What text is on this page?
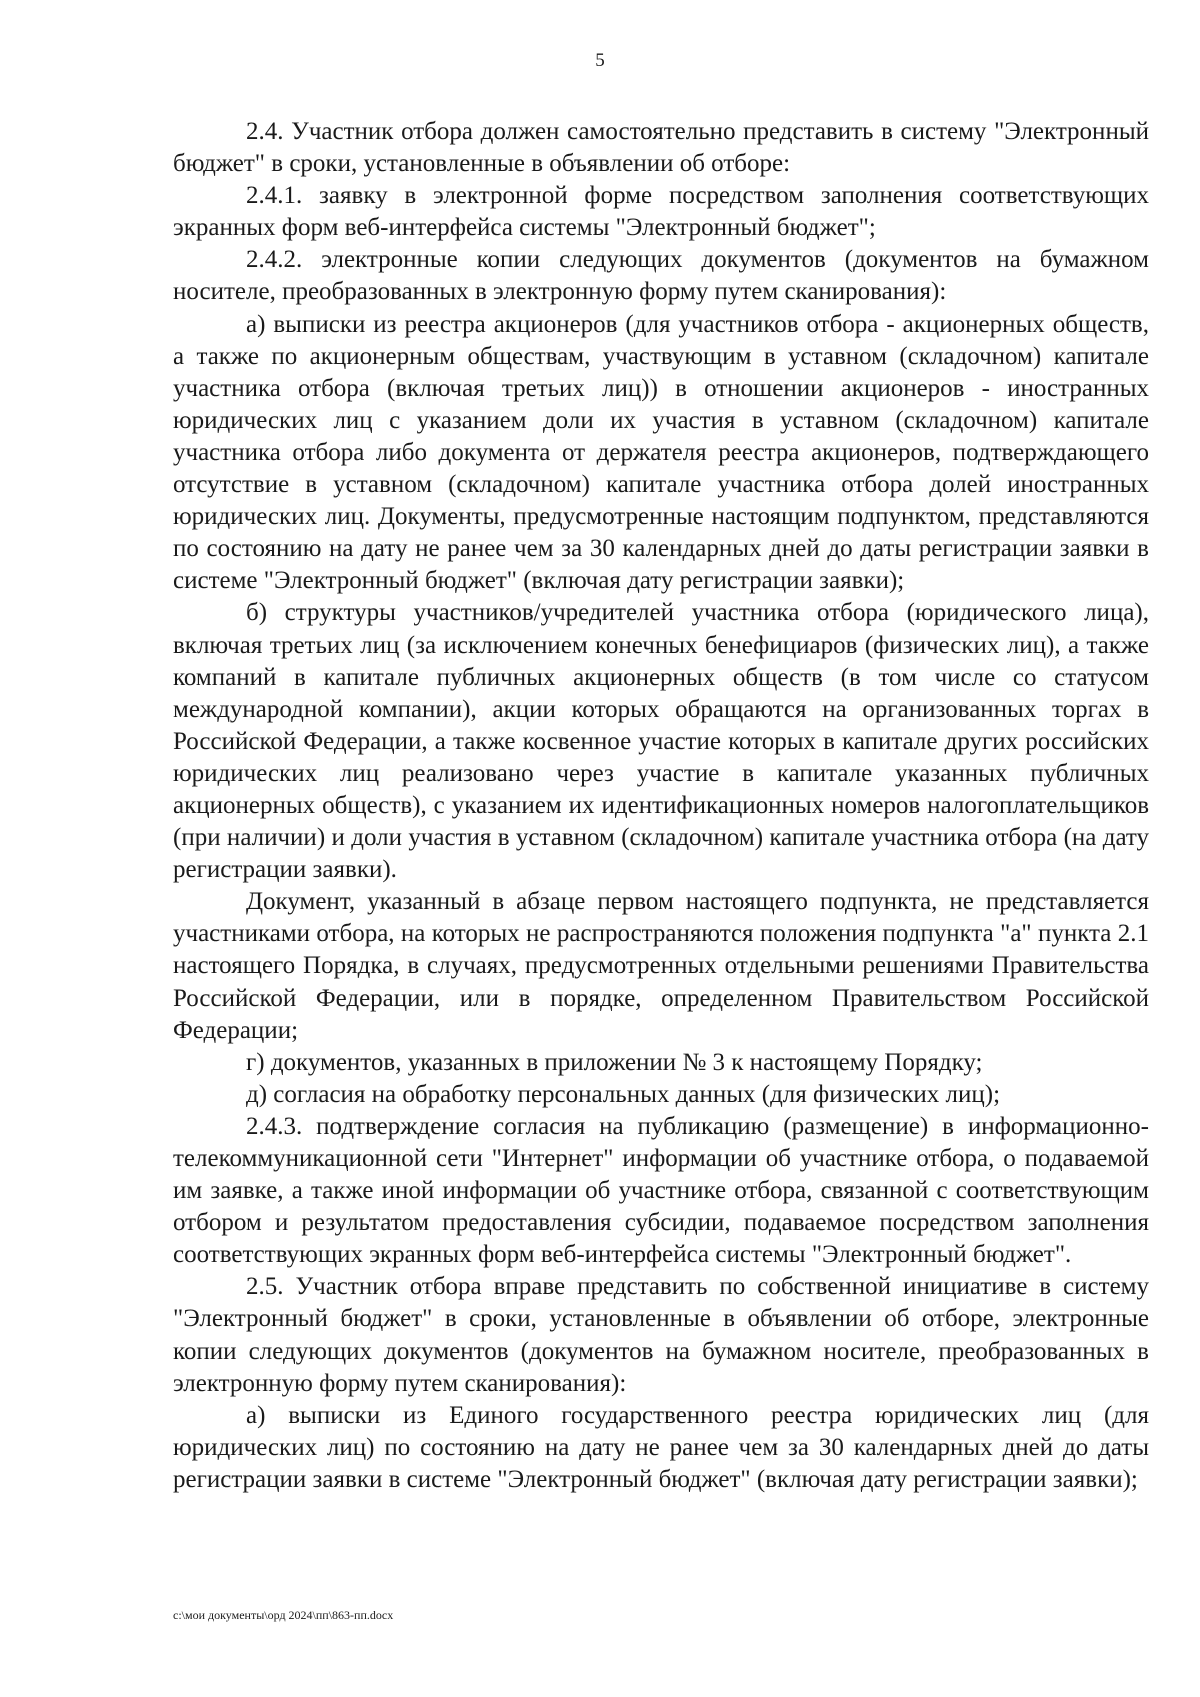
5

2.4. Участник отбора должен самостоятельно представить в систему "Электронный бюджет" в сроки, установленные в объявлении об отборе:

2.4.1. заявку в электронной форме посредством заполнения соответствующих экранных форм веб-интерфейса системы "Электронный бюджет";

2.4.2. электронные копии следующих документов (документов на бумажном носителе, преобразованных в электронную форму путем сканирования):

а) выписки из реестра акционеров (для участников отбора - акционерных обществ, а также по акционерным обществам, участвующим в уставном (складочном) капитале участника отбора (включая третьих лиц)) в отношении акционеров - иностранных юридических лиц с указанием доли их участия в уставном (складочном) капитале участника отбора либо документа от держателя реестра акционеров, подтверждающего отсутствие в уставном (складочном) капитале участника отбора долей иностранных юридических лиц. Документы, предусмотренные настоящим подпунктом, представляются по состоянию на дату не ранее чем за 30 календарных дней до даты регистрации заявки в системе "Электронный бюджет" (включая дату регистрации заявки);

б) структуры участников/учредителей участника отбора (юридического лица), включая третьих лиц (за исключением конечных бенефициаров (физических лиц), а также компаний в капитале публичных акционерных обществ (в том числе со статусом международной компании), акции которых обращаются на организованных торгах в Российской Федерации, а также косвенное участие которых в капитале других российских юридических лиц реализовано через участие в капитале указанных публичных акционерных обществ), с указанием их идентификационных номеров налогоплательщиков (при наличии) и доли участия в уставном (складочном) капитале участника отбора (на дату регистрации заявки).

Документ, указанный в абзаце первом настоящего подпункта, не представляется участниками отбора, на которых не распространяются положения подпункта "а" пункта 2.1 настоящего Порядка, в случаях, предусмотренных отдельными решениями Правительства Российской Федерации, или в порядке, определенном Правительством Российской Федерации;

г) документов, указанных в приложении № 3 к настоящему Порядку;

д) согласия на обработку персональных данных (для физических лиц);

2.4.3. подтверждение согласия на публикацию (размещение) в информационно-телекоммуникационной сети "Интернет" информации об участнике отбора, о подаваемой им заявке, а также иной информации об участнике отбора, связанной с соответствующим отбором и результатом предоставления субсидии, подаваемое посредством заполнения соответствующих экранных форм веб-интерфейса системы "Электронный бюджет".

2.5. Участник отбора вправе представить по собственной инициативе в систему "Электронный бюджет" в сроки, установленные в объявлении об отборе, электронные копии следующих документов (документов на бумажном носителе, преобразованных в электронную форму путем сканирования):

а) выписки из Единого государственного реестра юридических лиц (для юридических лиц) по состоянию на дату не ранее чем за 30 календарных дней до даты регистрации заявки в системе "Электронный бюджет" (включая дату регистрации заявки);

c:\мои документы\орд 2024\пп\863-пп.docx
